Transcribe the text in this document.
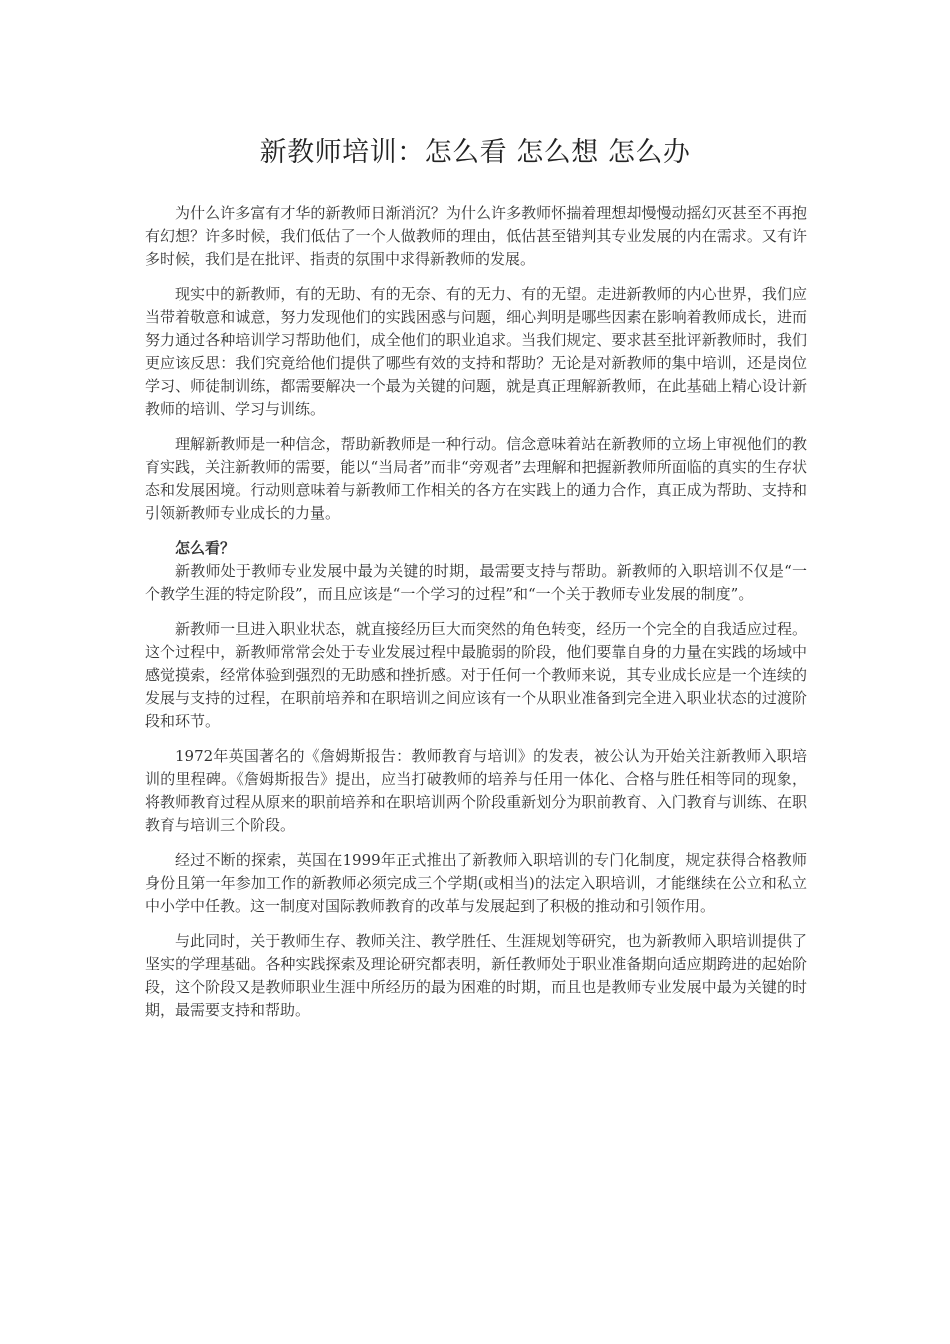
新教师培训：怎么看 怎么想 怎么办

为什么许多富有才华的新教师日渐消沉？为什么许多教师怀揣着理想却慢慢动摇幻灭甚至不再抱有幻想？许多时候，我们低估了一个人做教师的理由，低估甚至错判其专业发展的内在需求。又有许多时候，我们是在批评、指责的氛围中求得新教师的发展。

现实中的新教师，有的无助、有的无奈、有的无力、有的无望。走进新教师的内心世界，我们应当带着敬意和诚意，努力发现他们的实践困惑与问题，细心判明是哪些因素在影响着教师成长，进而努力通过各种培训学习帮助他们，成全他们的职业追求。当我们规定、要求甚至批评新教师时，我们更应该反思：我们究竟给他们提供了哪些有效的支持和帮助？无论是对新教师的集中培训，还是岗位学习、师徒制训练，都需要解决一个最为关键的问题，就是真正理解新教师，在此基础上精心设计新教师的培训、学习与训练。

理解新教师是一种信念，帮助新教师是一种行动。信念意味着站在新教师的立场上审视他们的教育实践，关注新教师的需要，能以“当局者”而非“旁观者”去理解和把握新教师所面临的真实的生存状态和发展困境。行动则意味着与新教师工作相关的各方在实践上的通力合作，真正成为帮助、支持和引领新教师专业成长的力量。

怎么看？

新教师处于教师专业发展中最为关键的时期，最需要支持与帮助。新教师的入职培训不仅是“一个教学生涯的特定阶段”，而且应该是“一个学习的过程”和“一个关于教师专业发展的制度”。

新教师一旦进入职业状态，就直接经历巨大而突然的角色转变，经历一个完全的自我适应过程。这个过程中，新教师常常会处于专业发展过程中最脆弱的阶段，他们要靠自身的力量在实践的场域中感觉摸索，经常体验到强烈的无助感和挫折感。对于任何一个教师来说，其专业成长应是一个连续的发展与支持的过程，在职前培养和在职培训之间应该有一个从职业准备到完全进入职业状态的过渡阶段和环节。

1972年英国著名的《詹姆斯报告：教师教育与培训》的发表，被公认为开始关注新教师入职培训的里程碑。《詹姆斯报告》提出，应当打破教师的培养与任用一体化、合格与胜任相等同的现象，将教师教育过程从原来的职前培养和在职培训两个阶段重新划分为职前教育、入门教育与训练、在职教育与培训三个阶段。

经过不断的探索，英国在1999年正式推出了新教师入职培训的专门化制度，规定获得合格教师身份且第一年参加工作的新教师必须完成三个学期(或相当)的法定入职培训，才能继续在公立和私立中小学中任教。这一制度对国际教师教育的改革与发展起到了积极的推动和引领作用。

与此同时，关于教师生存、教师关注、教学胜任、生涯规划等研究，也为新教师入职培训提供了坚实的学理基础。各种实践探索及理论研究都表明，新任教师处于职业准备期向适应期跨进的起始阶段，这个阶段又是教师职业生涯中所经历的最为困难的时期，而且也是教师专业发展中最为关键的时期，最需要支持和帮助。
